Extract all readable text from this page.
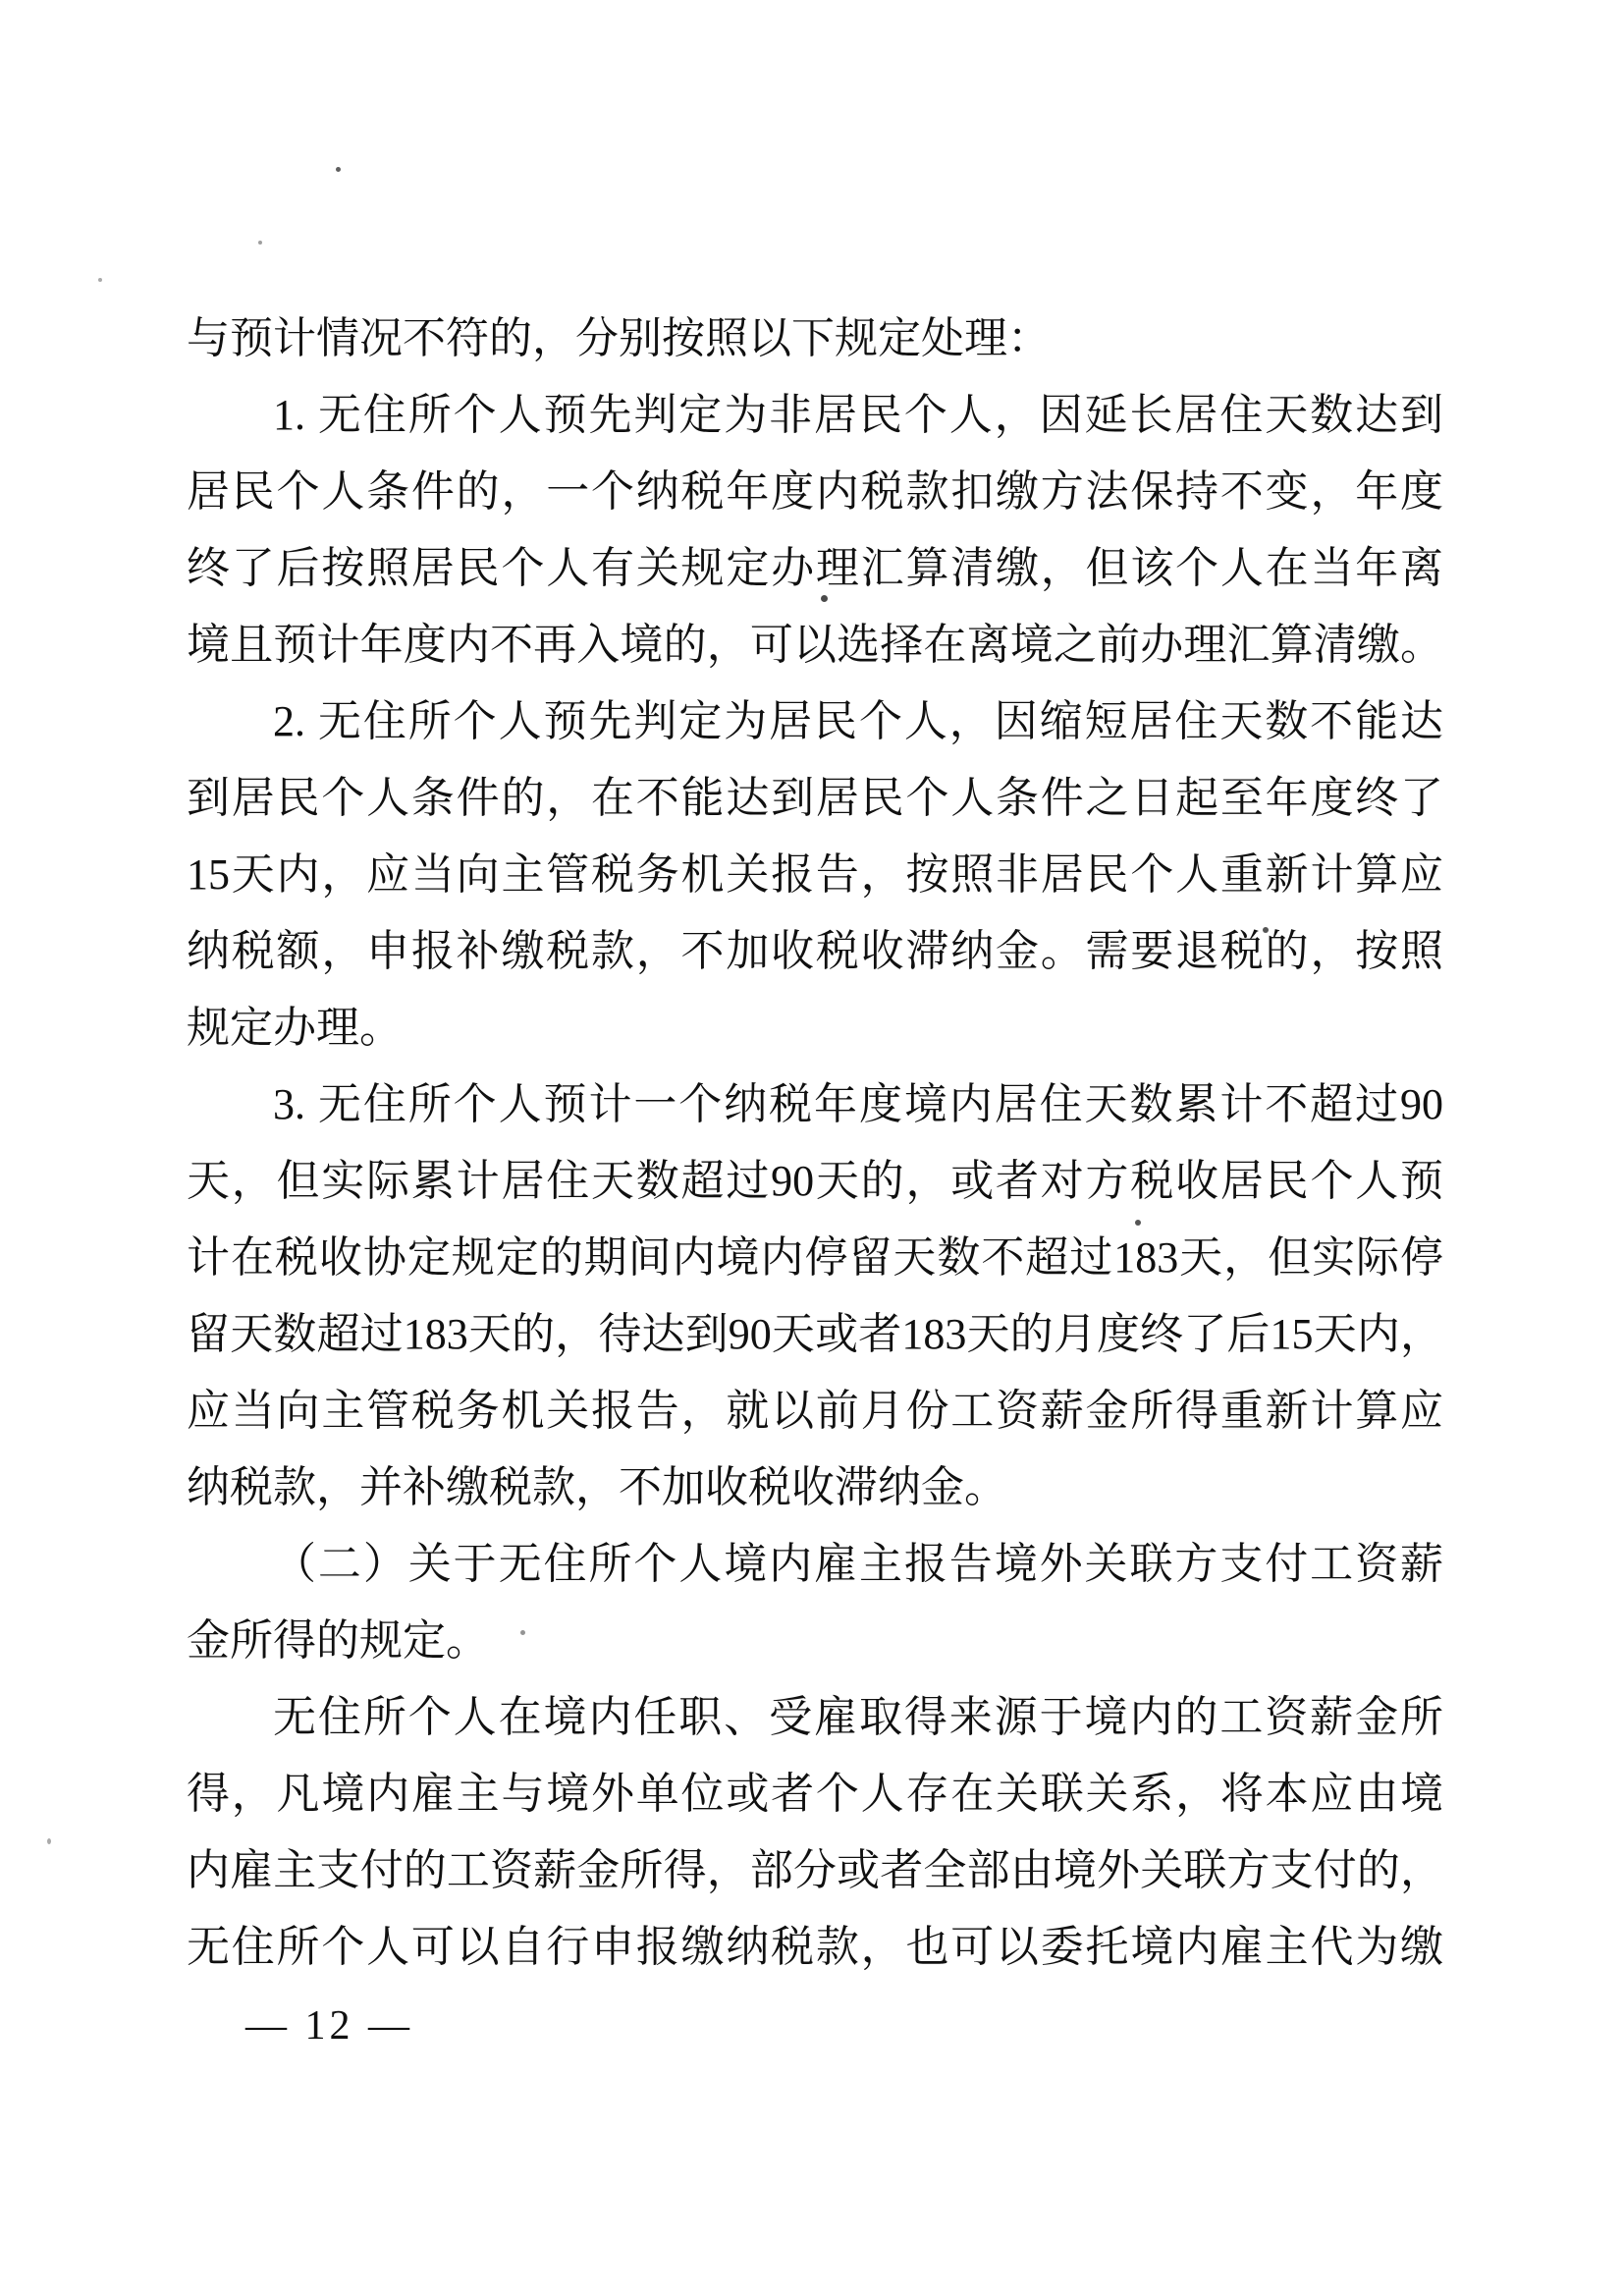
与预计情况不符的，分别按照以下规定处理：
1. 无住所个人预先判定为非居民个人，因延长居住天数达到
居民个人条件的，一个纳税年度内税款扣缴方法保持不变，年度
终了后按照居民个人有关规定办理汇算清缴，但该个人在当年离
境且预计年度内不再入境的，可以选择在离境之前办理汇算清缴。
2. 无住所个人预先判定为居民个人，因缩短居住天数不能达
到居民个人条件的，在不能达到居民个人条件之日起至年度终了
15天内，应当向主管税务机关报告，按照非居民个人重新计算应
纳税额，申报补缴税款，不加收税收滞纳金。需要退税的，按照
规定办理。
3. 无住所个人预计一个纳税年度境内居住天数累计不超过90
天，但实际累计居住天数超过90天的，或者对方税收居民个人预
计在税收协定规定的期间内境内停留天数不超过183天，但实际停
留天数超过183天的，待达到90天或者183天的月度终了后15天内，
应当向主管税务机关报告，就以前月份工资薪金所得重新计算应
纳税款，并补缴税款，不加收税收滞纳金。
（二）关于无住所个人境内雇主报告境外关联方支付工资薪
金所得的规定。
无住所个人在境内任职、受雇取得来源于境内的工资薪金所
得，凡境内雇主与境外单位或者个人存在关联关系，将本应由境
内雇主支付的工资薪金所得，部分或者全部由境外关联方支付的，
无住所个人可以自行申报缴纳税款，也可以委托境内雇主代为缴
— 12 —
